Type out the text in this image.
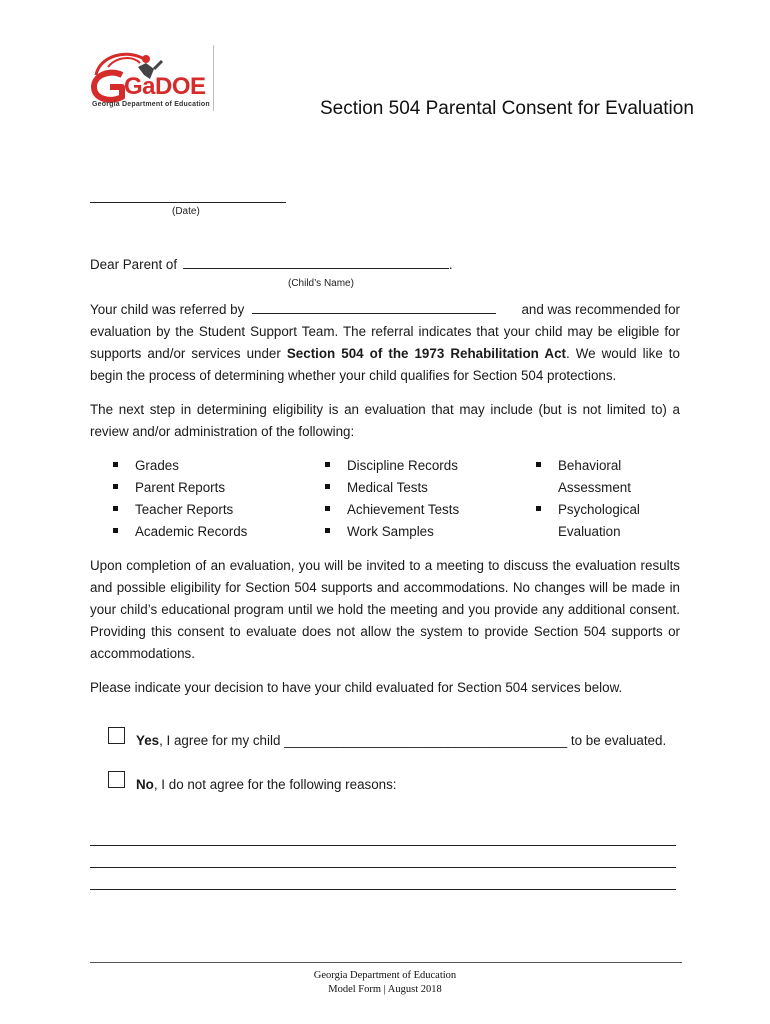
GaDOE
Georgia Department of Education	Section 504 Parental Consent for Evaluation
(Date)
Dear Parent of	.
(Child’s Name)
Your child was referred by	and was recommended for
evaluation by the Student Support Team. The referral indicates that your child may be eligible for supports and/or services under Section 504 of the 1973 Rehabilitation Act. We would like to begin the process of determining whether your child qualifies for Section 504 protections.
The next step in determining eligibility is an evaluation that may include (but is not limited to) a review and/or administration of the following:
Grades
Parent Reports
Teacher Reports
Academic Records
Discipline Records
Medical Tests
Achievement Tests
Work Samples
Behavioral
Assessment
Psychological
Evaluation
Upon completion of an evaluation, you will be invited to a meeting to discuss the evaluation results and possible eligibility for Section 504 supports and accommodations. No changes will be made in your child’s educational program until we hold the meeting and you provide any additional consent. Providing this consent to evaluate does not allow the system to provide Section 504 supports or accommodations.
Please indicate your decision to have your child evaluated for Section 504 services below.
Yes, I agree for my child ______________________________________ to be evaluated.
No, I do not agree for the following reasons:
Georgia Department of Education
Model Form | August 2018
